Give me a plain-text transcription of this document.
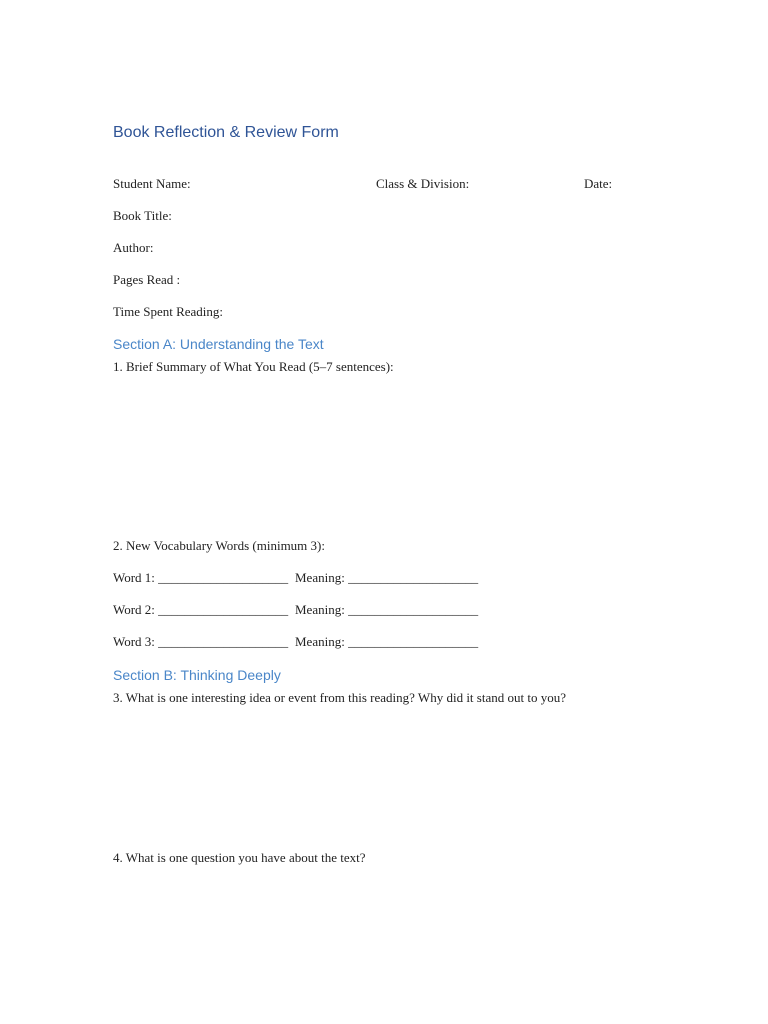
Book Reflection & Review Form
Student Name:	Class & Division:	Date:
Book Title:
Author:
Pages Read :
Time Spent Reading:
Section A: Understanding the Text
1. Brief Summary of What You Read (5–7 sentences):
2. New Vocabulary Words (minimum 3):
Word 1: ____________________ Meaning: ____________________
Word 2: ____________________ Meaning: ____________________
Word 3: ____________________ Meaning: ____________________
Section B: Thinking Deeply
3. What is one interesting idea or event from this reading? Why did it stand out to you?
4. What is one question you have about the text?
